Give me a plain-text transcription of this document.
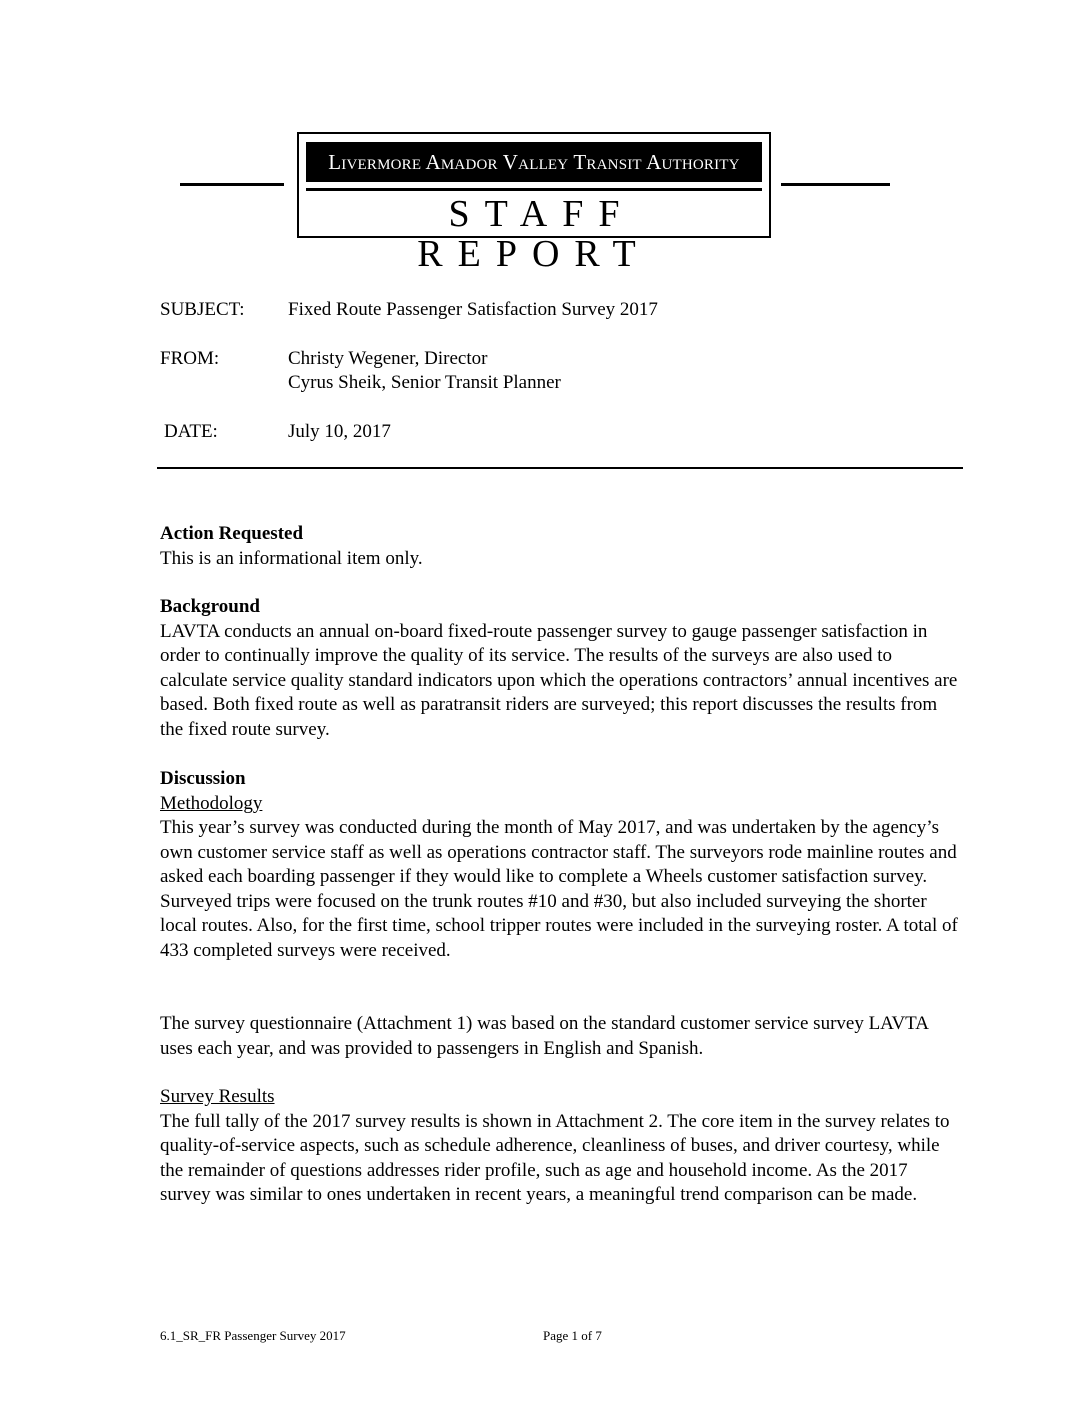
Livermore Amador Valley Transit Authority
STAFF REPORT
SUBJECT: Fixed Route Passenger Satisfaction Survey 2017
FROM:	Christy Wegener, Director
Cyrus Sheik, Senior Transit Planner
DATE:	July 10, 2017

Action Requested

This is an informational item only.

Background

LAVTA conducts an annual on-board fixed-route passenger survey to gauge passenger satisfaction in order to continually improve the quality of its service. The results of the surveys are also used to calculate service quality standard indicators upon which the operations contractors’ annual incentives are based. Both fixed route as well as paratransit riders are surveyed; this report discusses the results from the fixed route survey.

Discussion

Methodology

This year’s survey was conducted during the month of May 2017, and was undertaken by the agency’s own customer service staff as well as operations contractor staff. The surveyors rode mainline routes and asked each boarding passenger if they would like to complete a Wheels customer satisfaction survey. Surveyed trips were focused on the trunk routes #10 and #30, but also included surveying the shorter local routes. Also, for the first time, school tripper routes were included in the surveying roster. A total of 433 completed surveys were received.

The survey questionnaire (Attachment 1) was based on the standard customer service survey LAVTA uses each year, and was provided to passengers in English and Spanish.

Survey Results

The full tally of the 2017 survey results is shown in Attachment 2. The core item in the survey relates to quality-of-service aspects, such as schedule adherence, cleanliness of buses, and driver courtesy, while the remainder of questions addresses rider profile, such as age and household income. As the 2017 survey was similar to ones undertaken in recent years, a meaningful trend comparison can be made.

6.1_SR_FR Passenger Survey 2017	Page 1 of 7
